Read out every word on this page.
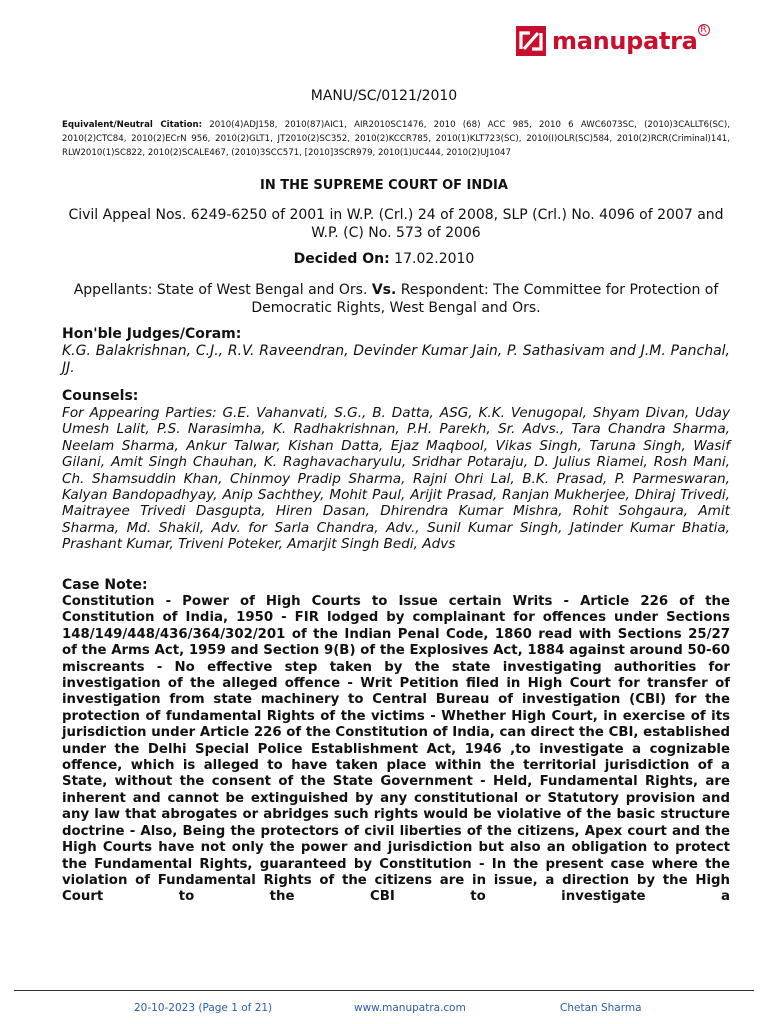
manupatra R
MANU/SC/0121/2010
Equivalent/Neutral Citation: 2010(4)ADJ158, 2010(87)AIC1, AIR2010SC1476, 2010 (68) ACC 985, 2010 6 AWC6073SC, (2010)3CALLT6(SC), 2010(2)CTC84, 2010(2)ECrN 956, 2010(2)GLT1, JT2010(2)SC352, 2010(2)KCCR785, 2010(1)KLT723(SC), 2010(I)OLR(SC)584, 2010(2)RCR(Criminal)141, RLW2010(1)SC822, 2010(2)SCALE467, (2010)3SCC571, [2010]3SCR979, 2010(1)UC444, 2010(2)UJ1047
IN THE SUPREME COURT OF INDIA
Civil Appeal Nos. 6249-6250 of 2001 in W.P. (Crl.) 24 of 2008, SLP (Crl.) No. 4096 of 2007 and W.P. (C) No. 573 of 2006
Decided On: 17.02.2010
Appellants: State of West Bengal and Ors. Vs. Respondent: The Committee for Protection of Democratic Rights, West Bengal and Ors.
Hon'ble Judges/Coram:
K.G. Balakrishnan, C.J., R.V. Raveendran, Devinder Kumar Jain, P. Sathasivam and J.M. Panchal, JJ.
Counsels:
For Appearing Parties: G.E. Vahanvati, S.G., B. Datta, ASG, K.K. Venugopal, Shyam Divan, Uday Umesh Lalit, P.S. Narasimha, K. Radhakrishnan, P.H. Parekh, Sr. Advs., Tara Chandra Sharma, Neelam Sharma, Ankur Talwar, Kishan Datta, Ejaz Maqbool, Vikas Singh, Taruna Singh, Wasif Gilani, Amit Singh Chauhan, K. Raghavacharyulu, Sridhar Potaraju, D. Julius Riamei, Rosh Mani, Ch. Shamsuddin Khan, Chinmoy Pradip Sharma, Rajni Ohri Lal, B.K. Prasad, P. Parmeswaran, Kalyan Bandopadhyay, Anip Sachthey, Mohit Paul, Arijit Prasad, Ranjan Mukherjee, Dhiraj Trivedi, Maitrayee Trivedi Dasgupta, Hiren Dasan, Dhirendra Kumar Mishra, Rohit Sohgaura, Amit Sharma, Md. Shakil, Adv. for Sarla Chandra, Adv., Sunil Kumar Singh, Jatinder Kumar Bhatia, Prashant Kumar, Triveni Poteker, Amarjit Singh Bedi, Advs
Case Note:
Constitution - Power of High Courts to Issue certain Writs - Article 226 of the Constitution of India, 1950 - FIR lodged by complainant for offences under Sections 148/149/448/436/364/302/201 of the Indian Penal Code, 1860 read with Sections 25/27 of the Arms Act, 1959 and Section 9(B) of the Explosives Act, 1884 against around 50-60 miscreants - No effective step taken by the state investigating authorities for investigation of the alleged offence - Writ Petition filed in High Court for transfer of investigation from state machinery to Central Bureau of investigation (CBI) for the protection of fundamental Rights of the victims - Whether High Court, in exercise of its jurisdiction under Article 226 of the Constitution of India, can direct the CBI, established under the Delhi Special Police Establishment Act, 1946 ,to investigate a cognizable offence, which is alleged to have taken place within the territorial jurisdiction of a State, without the consent of the State Government - Held, Fundamental Rights, are inherent and cannot be extinguished by any constitutional or Statutory provision and any law that abrogates or abridges such rights would be violative of the basic structure doctrine - Also, Being the protectors of civil liberties of the citizens, Apex court and the High Courts have not only the power and jurisdiction but also an obligation to protect the Fundamental Rights, guaranteed by Constitution - In the present case where the violation of Fundamental Rights of the citizens are in issue, a direction by the High Court to the CBI to investigate a
20-10-2023 (Page 1 of 21)	www.manupatra.com	Chetan Sharma
